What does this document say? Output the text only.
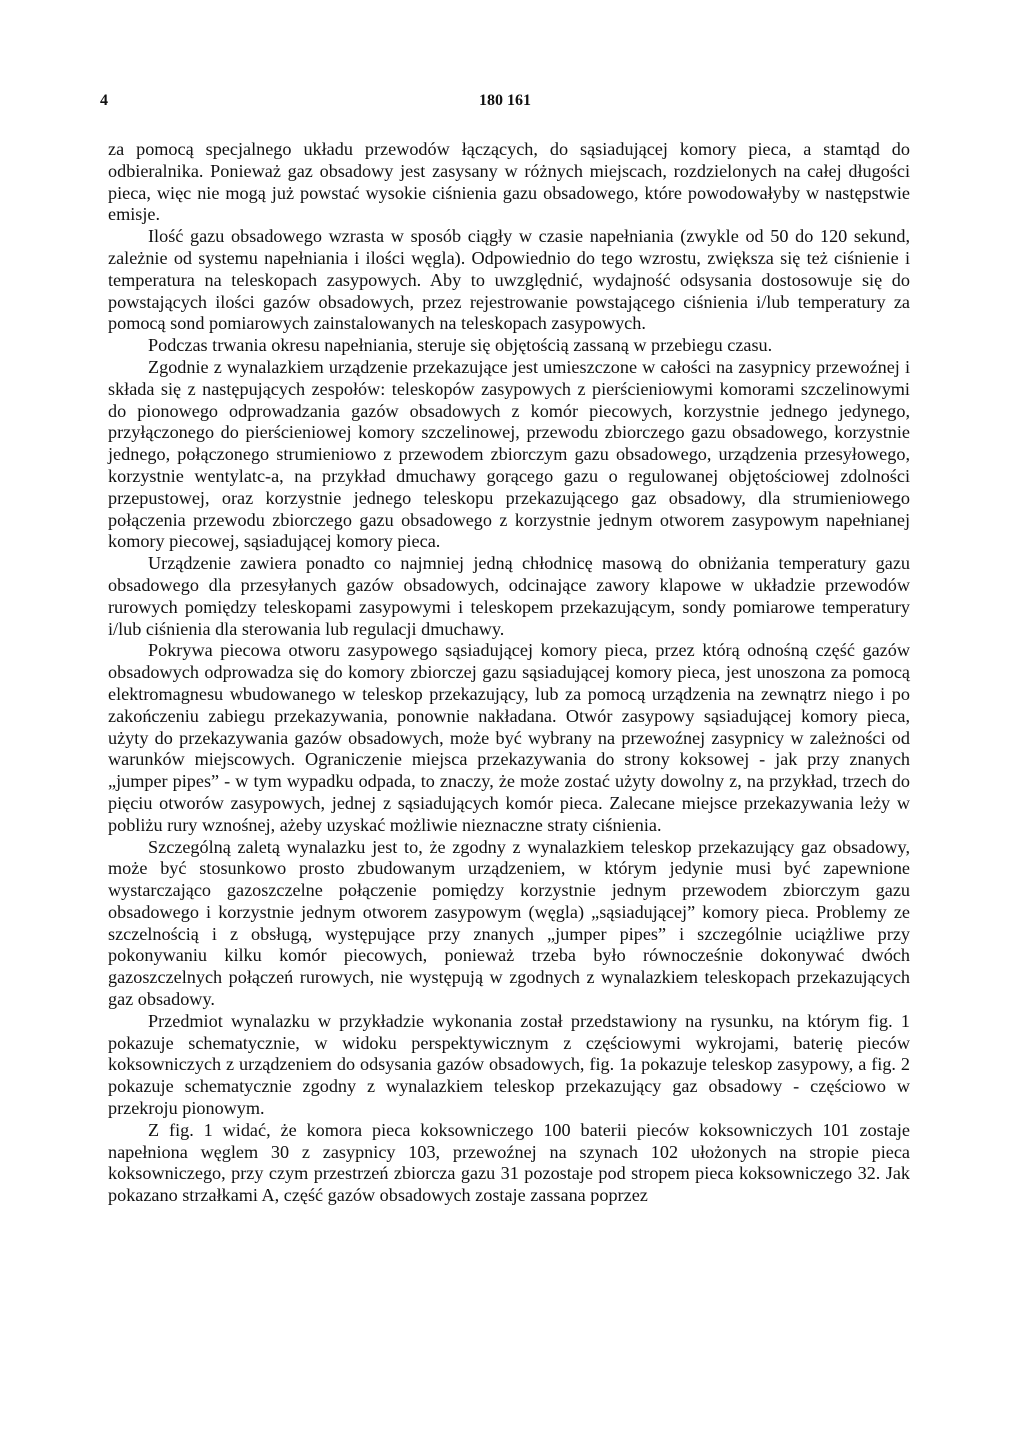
4	180 161

za pomocą specjalnego układu przewodów łączących, do sąsiadującej komory pieca, a stamtąd do odbieralnika. Ponieważ gaz obsadowy jest zasysany w różnych miejscach, rozdzielonych na całej długości pieca, więc nie mogą już powstać wysokie ciśnienia gazu obsadowego, które powodowałyby w następstwie emisje.

Ilość gazu obsadowego wzrasta w sposób ciągły w czasie napełniania (zwykle od 50 do 120 sekund, zależnie od systemu napełniania i ilości węgla). Odpowiednio do tego wzrostu, zwiększa się też ciśnienie i temperatura na teleskopach zasypowych. Aby to uwzględnić, wydajność odsysania dostosowuje się do powstających ilości gazów obsadowych, przez rejestrowanie powstającego ciśnienia i/lub temperatury za pomocą sond pomiarowych zainstalowanych na teleskopach zasypowych.

Podczas trwania okresu napełniania, steruje się objętością zassaną w przebiegu czasu.

Zgodnie z wynalazkiem urządzenie przekazujące jest umieszczone w całości na zasypnicy przewoźnej i składa się z następujących zespołów: teleskopów zasypowych z pierścieniowymi komorami szczelinowymi do pionowego odprowadzania gazów obsadowych z komór piecowych, korzystnie jednego jedynego, przyłączonego do pierścieniowej komory szczelinowej, przewodu zbiorczego gazu obsadowego, korzystnie jednego, połączonego strumieniowo z przewodem zbiorczym gazu obsadowego, urządzenia przesyłowego, korzystnie wentylatc-a, na przykład dmuchawy gorącego gazu o regulowanej objętościowej zdolności przepustowej, oraz korzystnie jednego teleskopu przekazującego gaz obsadowy, dla strumieniowego połączenia przewodu zbiorczego gazu obsadowego z korzystnie jednym otworem zasypowym napełnianej komory piecowej, sąsiadującej komory pieca.

Urządzenie zawiera ponadto co najmniej jedną chłodnicę masową do obniżania temperatury gazu obsadowego dla przesyłanych gazów obsadowych, odcinające zawory klapowe w układzie przewodów rurowych pomiędzy teleskopami zasypowymi i teleskopem przekazującym, sondy pomiarowe temperatury i/lub ciśnienia dla sterowania lub regulacji dmuchawy.

Pokrywa piecowa otworu zasypowego sąsiadującej komory pieca, przez którą odnośną część gazów obsadowych odprowadza się do komory zbiorczej gazu sąsiadującej komory pieca, jest unoszona za pomocą elektromagnesu wbudowanego w teleskop przekazujący, lub za pomocą urządzenia na zewnątrz niego i po zakończeniu zabiegu przekazywania, ponownie nakładana. Otwór zasypowy sąsiadującej komory pieca, użyty do przekazywania gazów obsadowych, może być wybrany na przewoźnej zasypnicy w zależności od warunków miejscowych. Ograniczenie miejsca przekazywania do strony koksowej - jak przy znanych „jumper pipes” - w tym wypadku odpada, to znaczy, że może zostać użyty dowolny z, na przykład, trzech do pięciu otworów zasypowych, jednej z sąsiadujących komór pieca. Zalecane miejsce przekazywania leży w pobliżu rury wznośnej, ażeby uzyskać możliwie nieznaczne straty ciśnienia.

Szczególną zaletą wynalazku jest to, że zgodny z wynalazkiem teleskop przekazujący gaz obsadowy, może być stosunkowo prosto zbudowanym urządzeniem, w którym jedynie musi być zapewnione wystarczająco gazoszczelne połączenie pomiędzy korzystnie jednym przewodem zbiorczym gazu obsadowego i korzystnie jednym otworem zasypowym (węgla) „sąsiadującej” komory pieca. Problemy ze szczelnością i z obsługą, występujące przy znanych „jumper pipes” i szczególnie uciążliwe przy pokonywaniu kilku komór piecowych, ponieważ trzeba było równocześnie dokonywać dwóch gazoszczelnych połączeń rurowych, nie występują w zgodnych z wynalazkiem teleskopach przekazujących gaz obsadowy.

Przedmiot wynalazku w przykładzie wykonania został przedstawiony na rysunku, na którym fig. 1 pokazuje schematycznie, w widoku perspektywicznym z częściowymi wykrojami, baterię pieców koksowniczych z urządzeniem do odsysania gazów obsadowych, fig. 1a pokazuje teleskop zasypowy, a fig. 2 pokazuje schematycznie zgodny z wynalazkiem teleskop przekazujący gaz obsadowy - częściowo w przekroju pionowym.

Z fig. 1 widać, że komora pieca koksowniczego 100 baterii pieców koksowniczych 101 zostaje napełniona węglem 30 z zasypnicy 103, przewoźnej na szynach 102 ułożonych na stropie pieca koksowniczego, przy czym przestrzeń zbiorcza gazu 31 pozostaje pod stropem pieca koksowniczego 32. Jak pokazano strzałkami A, część gazów obsadowych zostaje zassana poprzez
